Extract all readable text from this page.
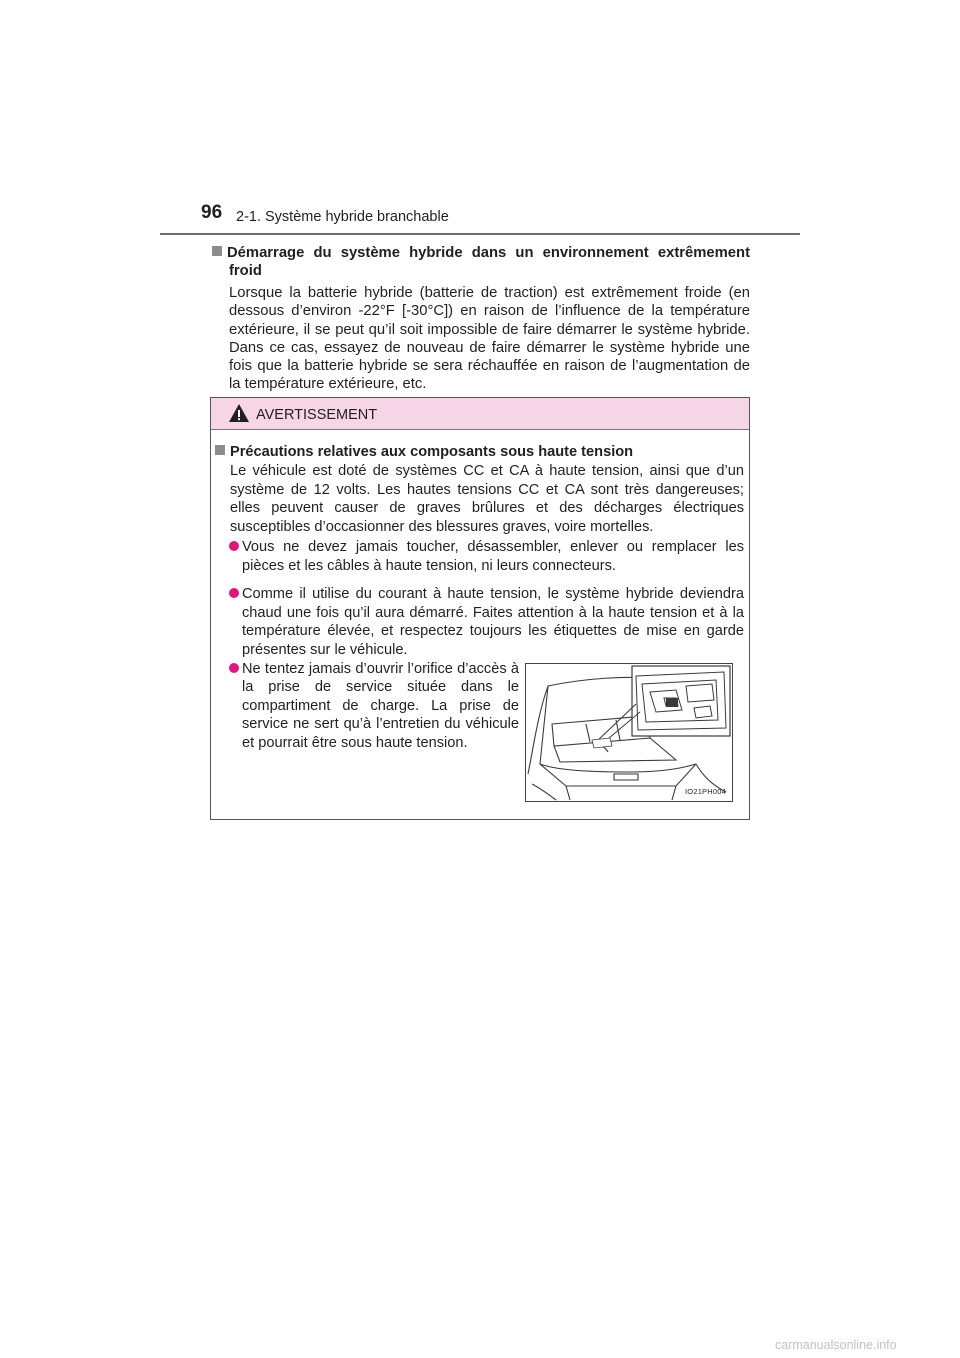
96 2-1. Système hybride branchable
Démarrage du système hybride dans un environnement extrêmement froid

Lorsque la batterie hybride (batterie de traction) est extrêmement froide (en dessous d’environ -22°F [-30°C]) en raison de l’influence de la température extérieure, il se peut qu’il soit impossible de faire démarrer le système hybride. Dans ce cas, essayez de nouveau de faire démarrer le système hybride une fois que la batterie hybride se sera réchauffée en raison de l’augmentation de la température extérieure, etc.

AVERTISSEMENT
Précautions relatives aux composants sous haute tension

Le véhicule est doté de systèmes CC et CA à haute tension, ainsi que d’un système de 12 volts. Les hautes tensions CC et CA sont très dangereuses; elles peuvent causer de graves brûlures et des décharges électriques susceptibles d’occasionner des blessures graves, voire mortelles.

Vous ne devez jamais toucher, désassembler, enlever ou remplacer les pièces et les câbles à haute tension, ni leurs connecteurs.
Comme il utilise du courant à haute tension, le système hybride deviendra chaud une fois qu’il aura démarré. Faites attention à la haute tension et à la température élevée, et respectez toujours les étiquettes de mise en garde présentes sur le véhicule.
Ne tentez jamais d’ouvrir l’orifice d’accès à la prise de service située dans le compartiment de charge. La prise de service ne sert qu’à l’entretien du véhicule et pourrait être sous haute tension.
IO21PH004
carmanualsonline.info
